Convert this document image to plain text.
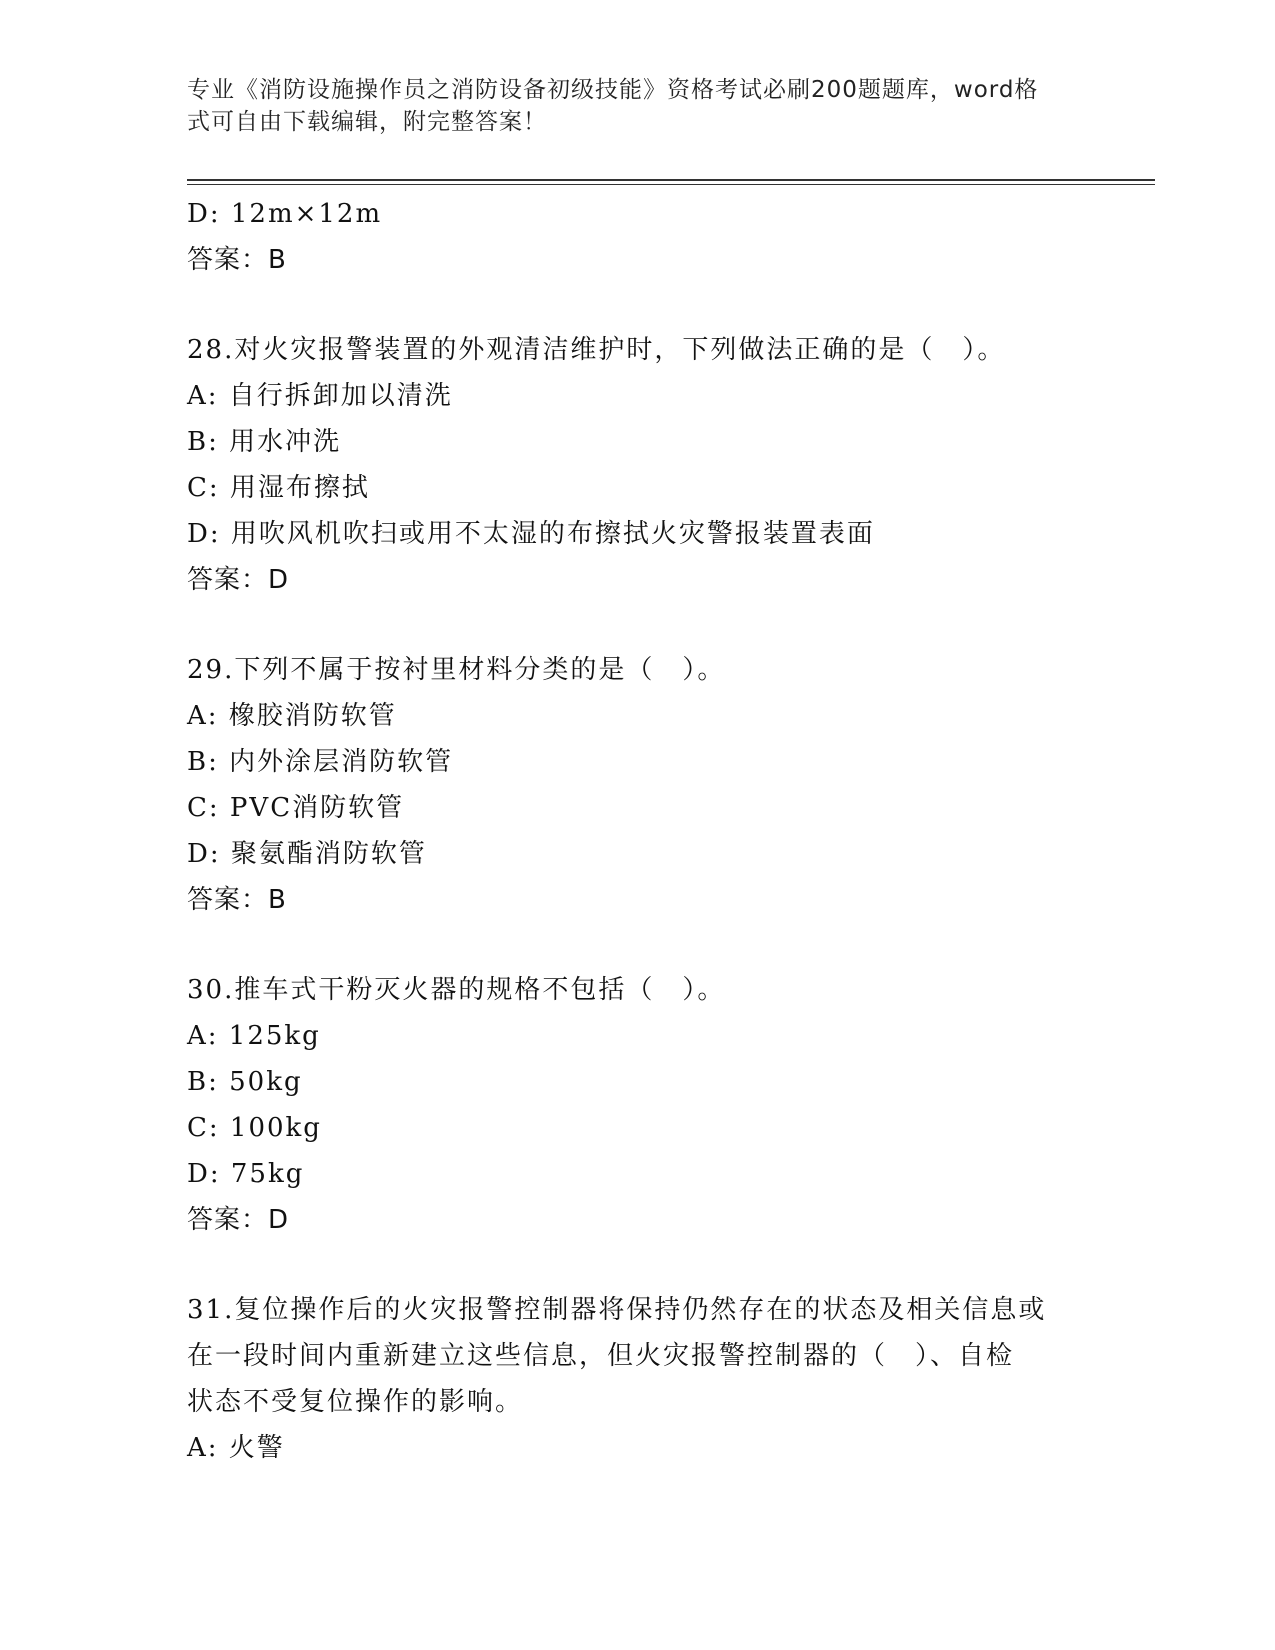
专业《消防设施操作员之消防设备初级技能》资格考试必刷200题题库，word格
式可自由下载编辑，附完整答案！
D: 12m×12m
答案：B
28.对火灾报警装置的外观清洁维护时，下列做法正确的是（　）。
A: 自行拆卸加以清洗
B: 用水冲洗
C: 用湿布擦拭
D: 用吹风机吹扫或用不太湿的布擦拭火灾警报装置表面
答案：D
29.下列不属于按衬里材料分类的是（　）。
A: 橡胶消防软管
B: 内外涂层消防软管
C: PVC消防软管
D: 聚氨酯消防软管
答案：B
30.推车式干粉灭火器的规格不包括（　）。
A: 125kg
B: 50kg
C: 100kg
D: 75kg
答案：D
31.复位操作后的火灾报警控制器将保持仍然存在的状态及相关信息或
在一段时间内重新建立这些信息，但火灾报警控制器的（　）、自检
状态不受复位操作的影响。
A: 火警
